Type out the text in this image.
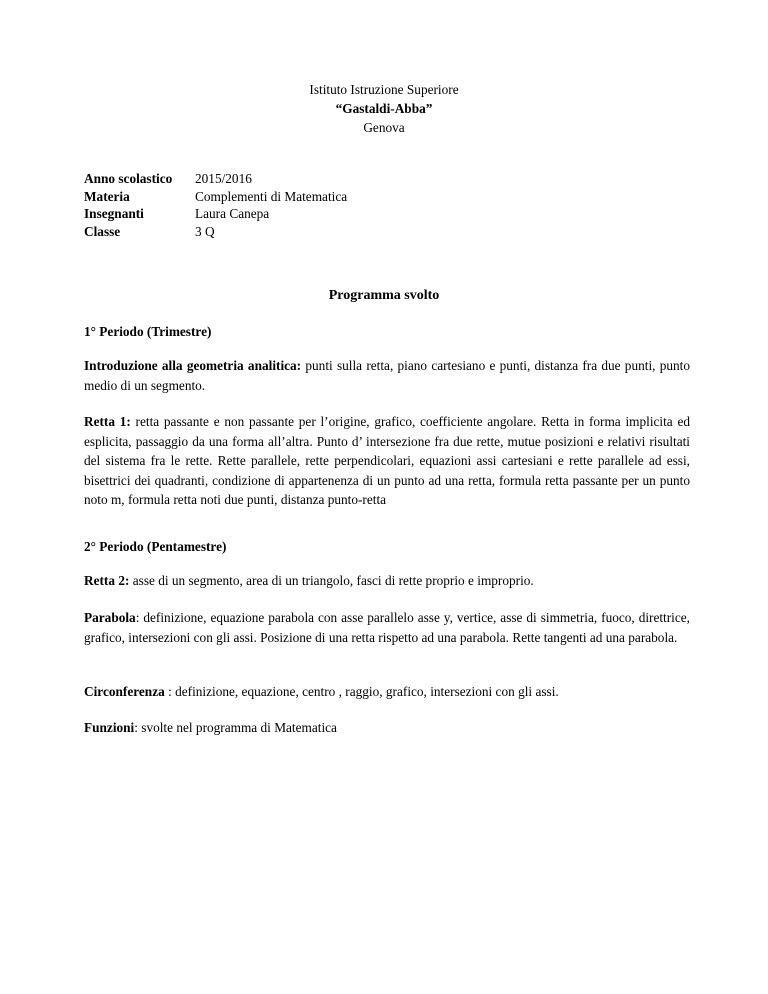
Istituto Istruzione Superiore
“Gastaldi-Abba”
Genova
Anno scolastico	2015/2016
Materia	Complementi di Matematica
Insegnanti	Laura Canepa
Classe	3 Q
Programma svolto
1° Periodo (Trimestre)
Introduzione alla geometria analitica: punti sulla retta, piano cartesiano e punti, distanza fra due punti, punto medio di un segmento.
Retta 1: retta passante e non passante per l’origine, grafico, coefficiente angolare. Retta in forma implicita ed esplicita, passaggio da una forma all’altra. Punto d’ intersezione fra due rette, mutue posizioni e relativi risultati del sistema fra le rette. Rette parallele, rette perpendicolari, equazioni assi cartesiani e rette parallele ad essi, bisettrici dei quadranti, condizione di appartenenza di un punto ad una retta, formula retta passante per un punto noto m, formula retta noti due punti, distanza punto-retta
2° Periodo (Pentamestre)
Retta 2: asse di un segmento, area di un triangolo, fasci di rette proprio e improprio.
Parabola: definizione, equazione parabola con asse parallelo asse y, vertice, asse di simmetria, fuoco, direttrice, grafico, intersezioni con gli assi. Posizione di una retta rispetto ad una parabola. Rette tangenti ad una parabola.
Circonferenza : definizione, equazione, centro , raggio, grafico, intersezioni con gli assi.
Funzioni: svolte nel programma di Matematica
